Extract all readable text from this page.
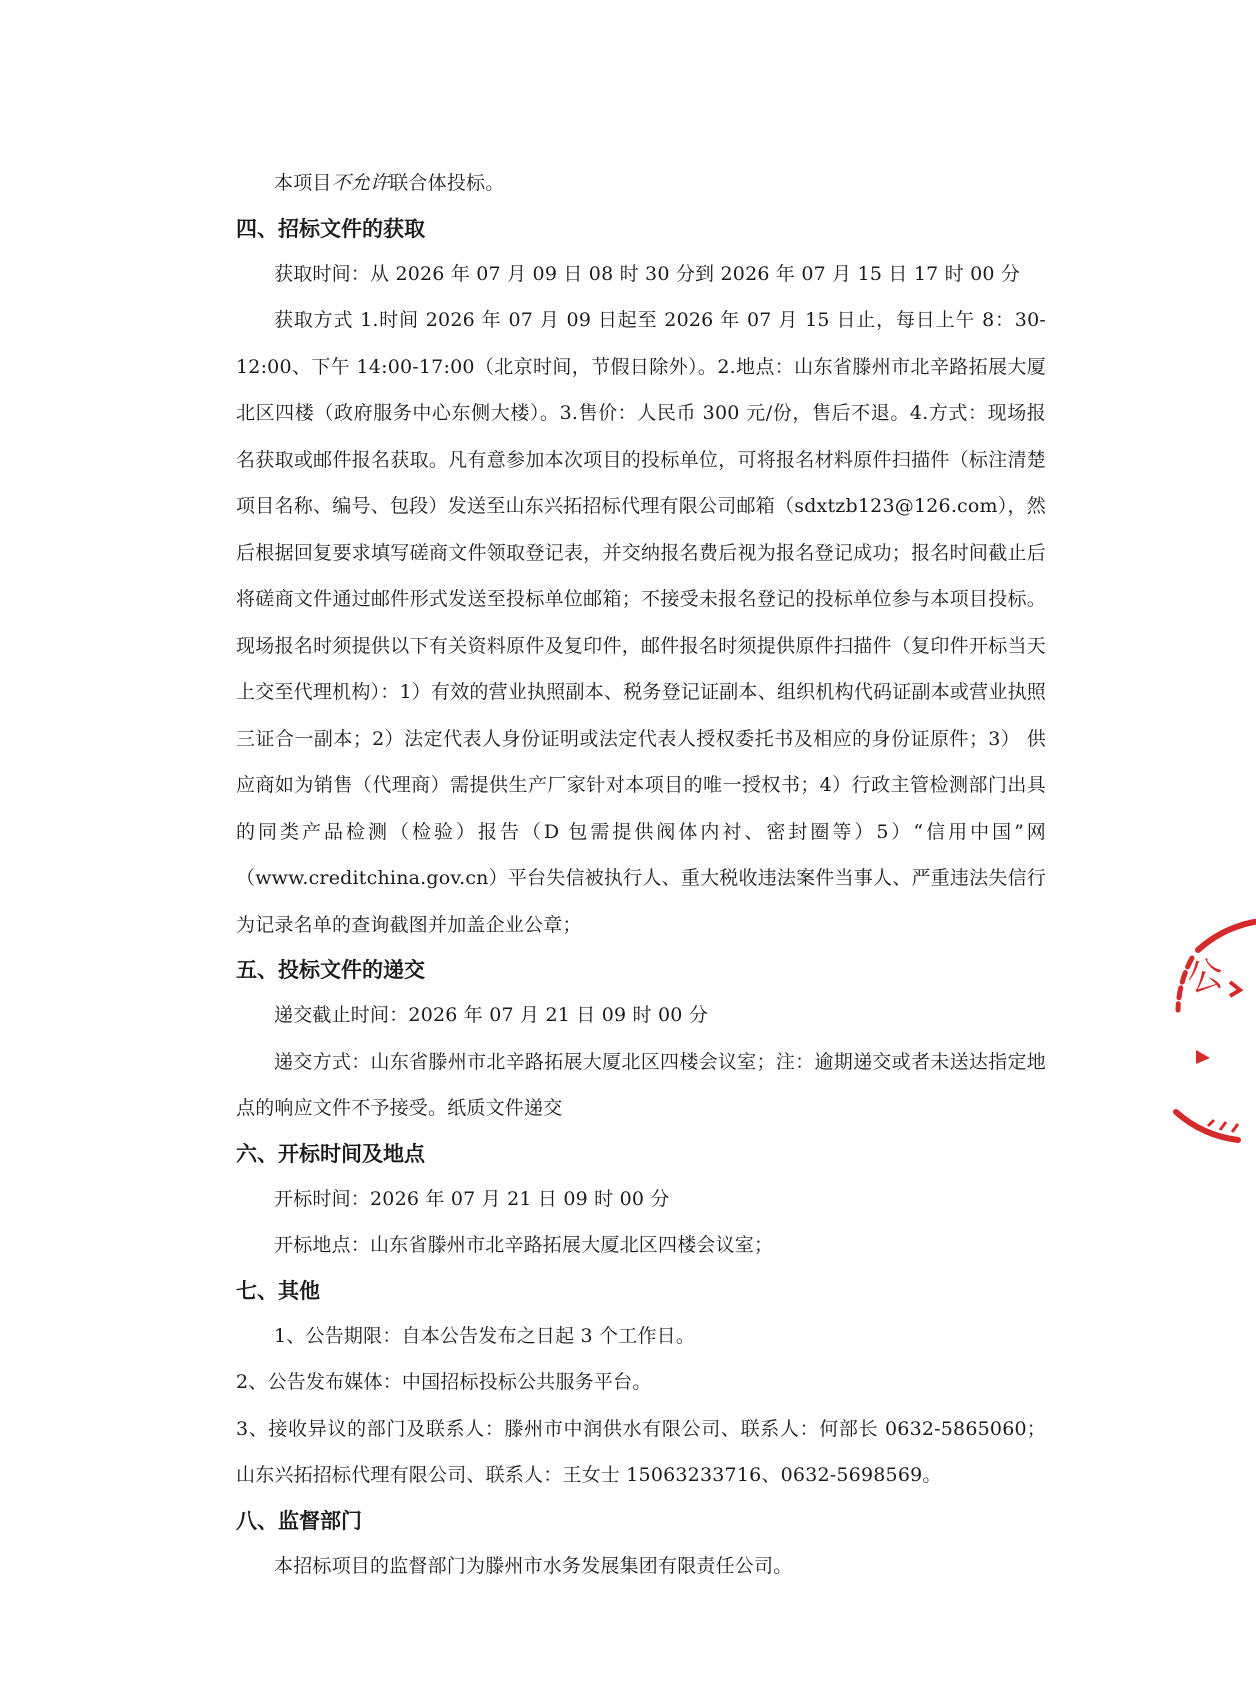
本项目不允许联合体投标。

四、招标文件的获取

获取时间：从 2026 年 07 月 09 日 08 时 30 分到 2026 年 07 月 15 日 17 时 00 分

获取方式 1.时间 2026 年 07 月 09 日起至 2026 年 07 月 15 日止，每日上午 8：30-12:00、下午 14:00-17:00（北京时间，节假日除外）。2.地点：山东省滕州市北辛路拓展大厦北区四楼（政府服务中心东侧大楼）。3.售价：人民币 300 元/份，售后不退。4.方式：现场报名获取或邮件报名获取。凡有意参加本次项目的投标单位，可将报名材料原件扫描件（标注清楚项目名称、编号、包段）发送至山东兴拓招标代理有限公司邮箱（sdxtzb123@126.com），然后根据回复要求填写磋商文件领取登记表，并交纳报名费后视为报名登记成功；报名时间截止后将磋商文件通过邮件形式发送至投标单位邮箱；不接受未报名登记的投标单位参与本项目投标。现场报名时须提供以下有关资料原件及复印件，邮件报名时须提供原件扫描件（复印件开标当天上交至代理机构）：1）有效的营业执照副本、税务登记证副本、组织机构代码证副本或营业执照三证合一副本；2）法定代表人身份证明或法定代表人授权委托书及相应的身份证原件；3） 供应商如为销售（代理商）需提供生产厂家针对本项目的唯一授权书；4）行政主管检测部门出具的同类产品检测（检验）报告（D 包需提供阀体内衬、密封圈等）5）“信用中国”网（www.creditchina.gov.cn）平台失信被执行人、重大税收违法案件当事人、严重违法失信行为记录名单的查询截图并加盖企业公章；

五、投标文件的递交

递交截止时间：2026 年 07 月 21 日 09 时 00 分

递交方式：山东省滕州市北辛路拓展大厦北区四楼会议室；注：逾期递交或者未送达指定地点的响应文件不予接受。纸质文件递交

六、开标时间及地点

开标时间：2026 年 07 月 21 日 09 时 00 分

开标地点：山东省滕州市北辛路拓展大厦北区四楼会议室；

七、其他

1、公告期限：自本公告发布之日起 3 个工作日。

2、公告发布媒体：中国招标投标公共服务平台。

3、接收异议的部门及联系人：滕州市中润供水有限公司、联系人：何部长 0632-5865060；山东兴拓招标代理有限公司、联系人：王女士 15063233716、0632-5698569。

八、监督部门

本招标项目的监督部门为滕州市水务发展集团有限责任公司。

公
